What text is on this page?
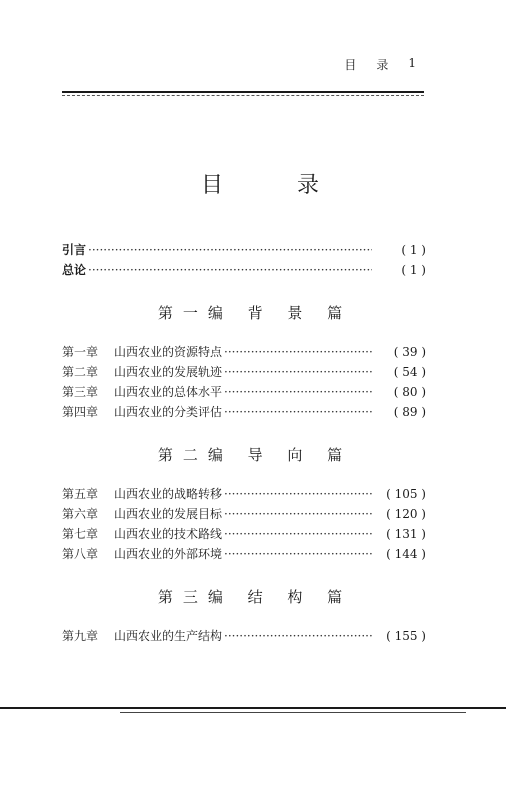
目 录 1
目　录
引言 ·····	( 1 )
总论 ·····	( 1 )
第一编 背 景 篇
第一章	山西农业的资源特点 ·····	( 39 )
第二章	山西农业的发展轨迹 ·····	( 54 )
第三章	山西农业的总体水平 ·····	( 80 )
第四章	山西农业的分类评估 ·····	( 89 )
第二编 导 向 篇
第五章	山西农业的战略转移 ·····	( 105 )
第六章	山西农业的发展目标 ·····	( 120 )
第七章	山西农业的技术路线 ·····	( 131 )
第八章	山西农业的外部环境 ·····	( 144 )
第三编 结 构 篇
第九章	山西农业的生产结构 ·····	( 155 )
